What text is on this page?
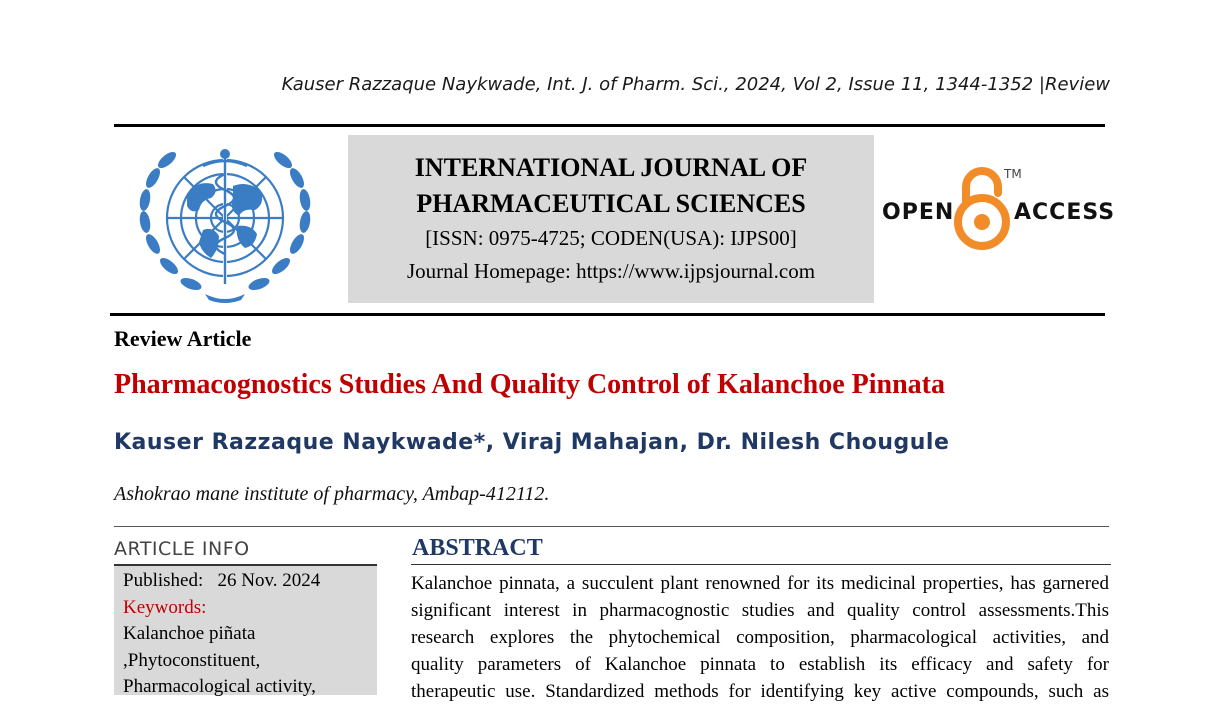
Kauser Razzaque Naykwade, Int. J. of Pharm. Sci., 2024, Vol 2, Issue 11, 1344-1352 |Review
INTERNATIONAL JOURNAL OF
PHARMACEUTICAL SCIENCES
[ISSN: 0975-4725; CODEN(USA): IJPS00]
Journal Homepage: https://www.ijpsjournal.com
OPEN
TM
ACCESS
Review Article
Pharmacognostics Studies And Quality Control of Kalanchoe Pinnata
Kauser Razzaque Naykwade*, Viraj Mahajan, Dr. Nilesh Chougule
Ashokrao mane institute of pharmacy, Ambap-412112.
ARTICLE INFO
Published: 26 Nov. 2024
Keywords:
Kalanchoe piñata
,Phytoconstituent,
Pharmacological activity,
ABSTRACT
Kalanchoe pinnata, a succulent plant renowned for its medicinal properties, has garnered
significant interest in pharmacognostic studies and quality control assessments.This
research explores the phytochemical composition, pharmacological activities, and
quality parameters of Kalanchoe pinnata to establish its efficacy and safety for
therapeutic use. Standardized methods for identifying key active compounds, such as
